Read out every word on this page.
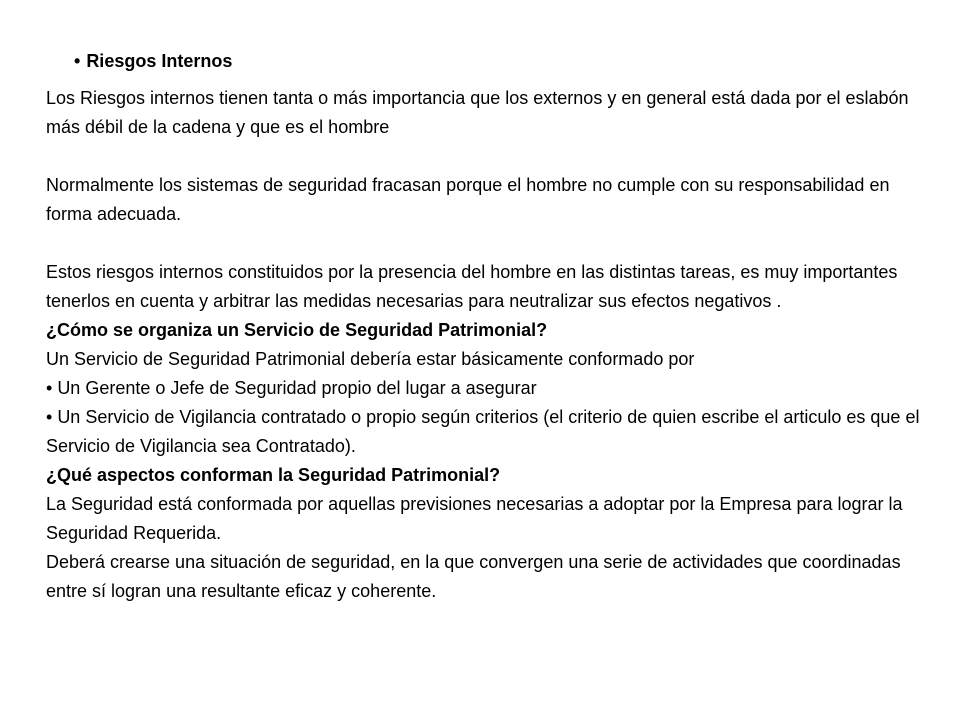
• Riesgos Internos

Los Riesgos internos tienen tanta o más importancia que los externos y en general está dada por el eslabón más débil de la cadena y que es el hombre

Normalmente los sistemas de seguridad fracasan porque el hombre no cumple con su responsabilidad en forma adecuada.

Estos riesgos internos constituidos por la presencia del hombre en las distintas tareas, es muy importantes tenerlos en cuenta y arbitrar las medidas necesarias para neutralizar sus efectos negativos .

¿Cómo se organiza un Servicio de Seguridad Patrimonial?

Un Servicio de Seguridad Patrimonial debería estar básicamente conformado por

• Un Gerente o Jefe de Seguridad propio del lugar a asegurar

• Un Servicio de Vigilancia contratado o propio según criterios (el criterio de quien escribe el articulo es que el Servicio de Vigilancia sea Contratado).

¿Qué aspectos conforman la Seguridad Patrimonial?

La Seguridad está conformada por aquellas previsiones necesarias a adoptar por la Empresa para lograr la Seguridad Requerida.

Deberá crearse una situación de seguridad, en la que convergen una serie de actividades que coordinadas entre sí logran una resultante eficaz y coherente.
